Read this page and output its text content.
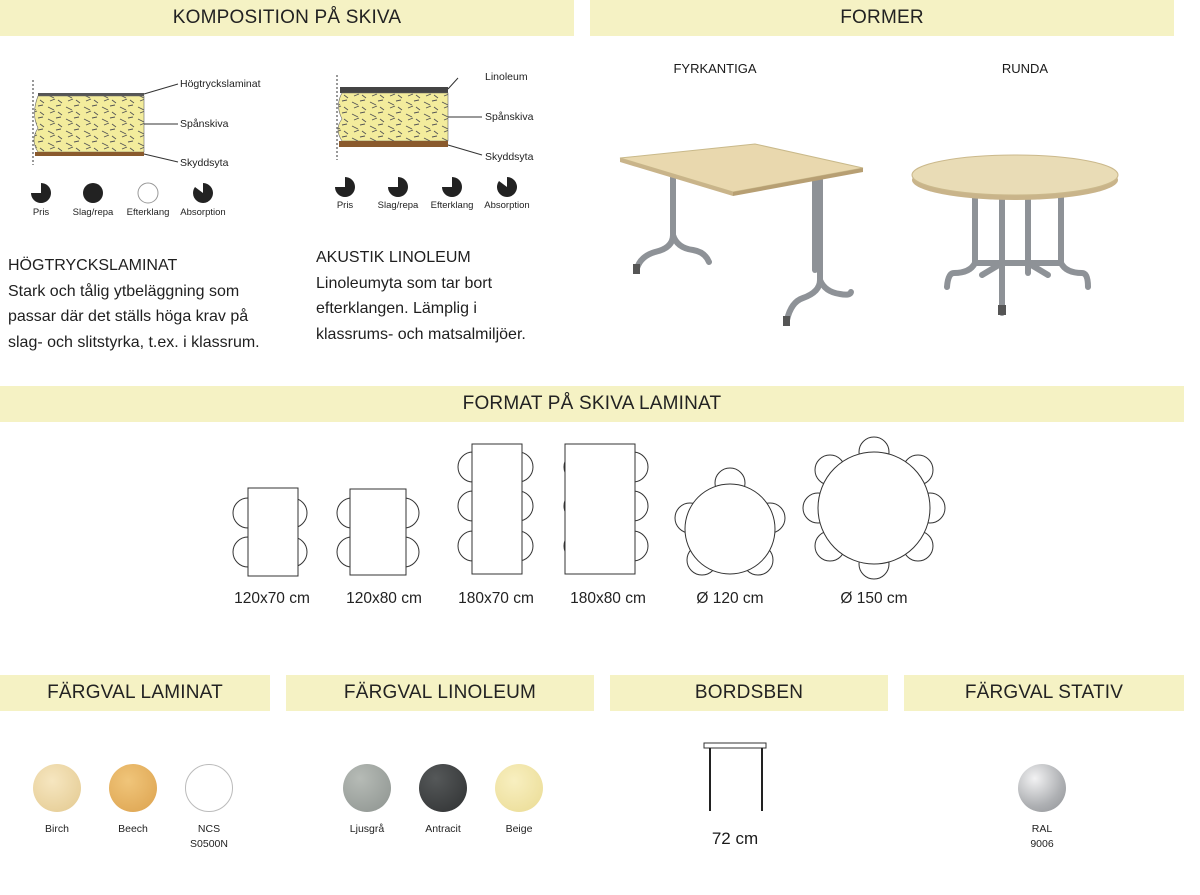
KOMPOSITION PÅ SKIVA	FORMER
FORMAT PÅ SKIVA LAMINAT
FÄRGVAL LAMINAT	FÄRGVAL LINOLEUM	BORDSBEN	FÄRGVAL STATIV
Högtryckslaminat
Spånskiva
Skyddsyta
Pris	Slag/repa	Efterklang	Absorption
Linoleum
Spånskiva
Skyddsyta
Pris	Slag/repa	Efterklang	Absorption
HÖGTRYCKSLAMINAT
Stark och tålig ytbeläggning som
passar där det ställs höga krav på
slag- och slitstyrka, t.ex. i klassrum.
AKUSTIK LINOLEUM
Linoleumyta som tar bort
efterklangen. Lämplig i
klassrums- och matsalmiljöer.
FYRKANTIGA	RUNDA
120x70 cm	120x80 cm	180x70 cm	180x80 cm	Ø 120 cm	Ø 150 cm
Birch	Beech	NCS
S0500N
Ljusgrå	Antracit	Beige	72 cm	RAL
9006
